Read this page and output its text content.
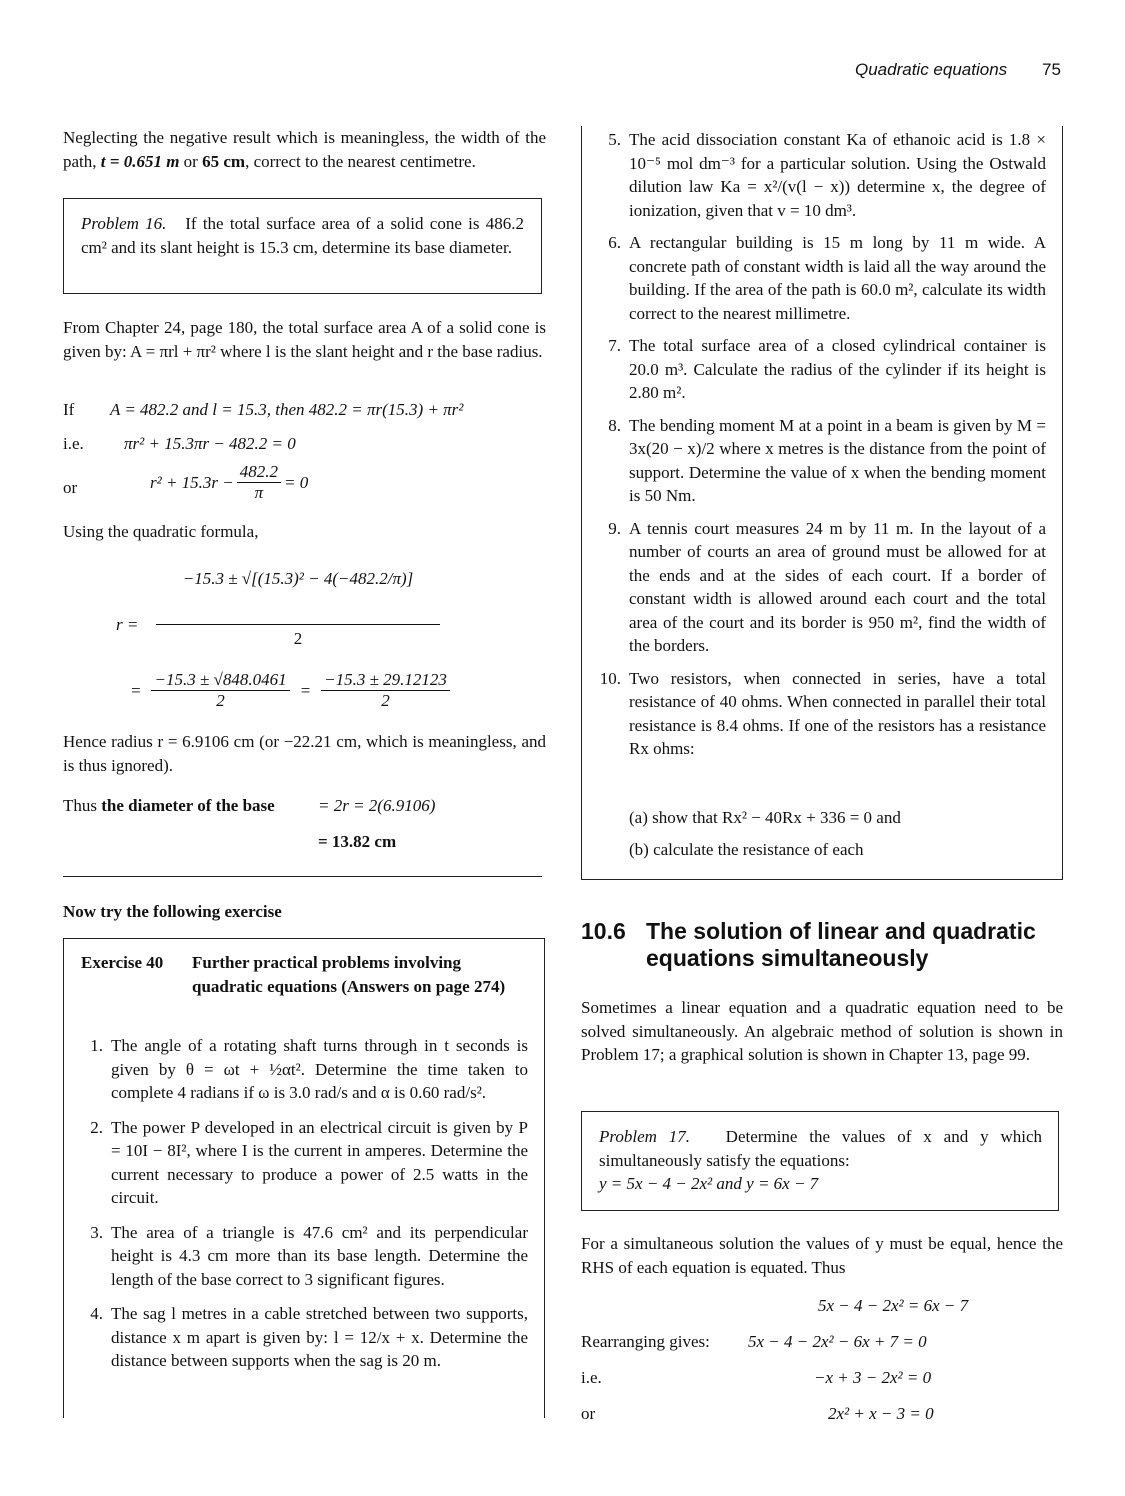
Quadratic equations 75

Neglecting the negative result which is meaningless, the width of the path, t = 0.651 m or 65 cm, correct to the nearest centimetre.

Problem 16. If the total surface area of a solid cone is 486.2 cm² and its slant height is 15.3 cm, determine its base diameter.

From Chapter 24, page 180, the total surface area A of a solid cone is given by: A = πrl + πr² where l is the slant height and r the base radius.

If A = 482.2 and l = 15.3, then 482.2 = πr(15.3) + πr²
i.e. πr² + 15.3πr − 482.2 = 0
or	$r^2 + 15.3r - \frac{482.2}{\pi} = 0$

Using the quadratic formula,

r =
−15.3 ± √[(15.3)² − 4(−482.2/π)]
2
= $\frac{-15.3 \pm √848.0461}{2} = \frac{-15.3 \pm 29.12123}{2}$

Hence radius r = 6.9106 cm (or −22.21 cm, which is meaningless, and is thus ignored).

Thus the diameter of the base	= 2r = 2(6.9106)
= 13.82 cm

Now try the following exercise

Exercise 40	Further practical problems involving quadratic equations (Answers on page 274)
1. The angle of a rotating shaft turns through in t seconds is given by θ = ωt + ½αt². Determine the time taken to complete 4 radians if ω is 3.0 rad/s and α is 0.60 rad/s².
2. The power P developed in an electrical circuit is given by P = 10I − 8I², where I is the current in amperes. Determine the current necessary to produce a power of 2.5 watts in the circuit.
3. The area of a triangle is 47.6 cm² and its perpendicular height is 4.3 cm more than its base length. Determine the length of the base correct to 3 significant figures.
4. The sag l metres in a cable stretched between two supports, distance x m apart is given by: l = 12/x + x. Determine the distance between supports when the sag is 20 m.
5. The acid dissociation constant Ka of ethanoic acid is 1.8 × 10⁻⁵ mol dm⁻³ for a particular solution. Using the Ostwald dilution law Ka = x²/(v(l − x)) determine x, the degree of ionization, given that v = 10 dm³.
6. A rectangular building is 15 m long by 11 m wide. A concrete path of constant width is laid all the way around the building. If the area of the path is 60.0 m², calculate its width correct to the nearest millimetre.
7. The total surface area of a closed cylindrical container is 20.0 m³. Calculate the radius of the cylinder if its height is 2.80 m².
8. The bending moment M at a point in a beam is given by M = 3x(20 − x)/2 where x metres is the distance from the point of support. Determine the value of x when the bending moment is 50 Nm.
9. A tennis court measures 24 m by 11 m. In the layout of a number of courts an area of ground must be allowed for at the ends and at the sides of each court. If a border of constant width is allowed around each court and the total area of the court and its border is 950 m², find the width of the borders.
10. Two resistors, when connected in series, have a total resistance of 40 ohms. When connected in parallel their total resistance is 8.4 ohms. If one of the resistors has a resistance Rx ohms:
(a) show that Rx² − 40Rx + 336 = 0 and
(b) calculate the resistance of each
10.6 The solution of linear and quadratic equations simultaneously

Sometimes a linear equation and a quadratic equation need to be solved simultaneously. An algebraic method of solution is shown in Problem 17; a graphical solution is shown in Chapter 13, page 99.

Problem 17. Determine the values of x and y which simultaneously satisfy the equations:

y = 5x − 4 − 2x² and y = 6x − 7

For a simultaneous solution the values of y must be equal, hence the RHS of each equation is equated. Thus

5x − 4 − 2x² = 6x − 7
Rearranging gives: 5x − 4 − 2x² − 6x + 7 = 0
i.e.	−x + 3 − 2x² = 0
or	2x² + x − 3 = 0
